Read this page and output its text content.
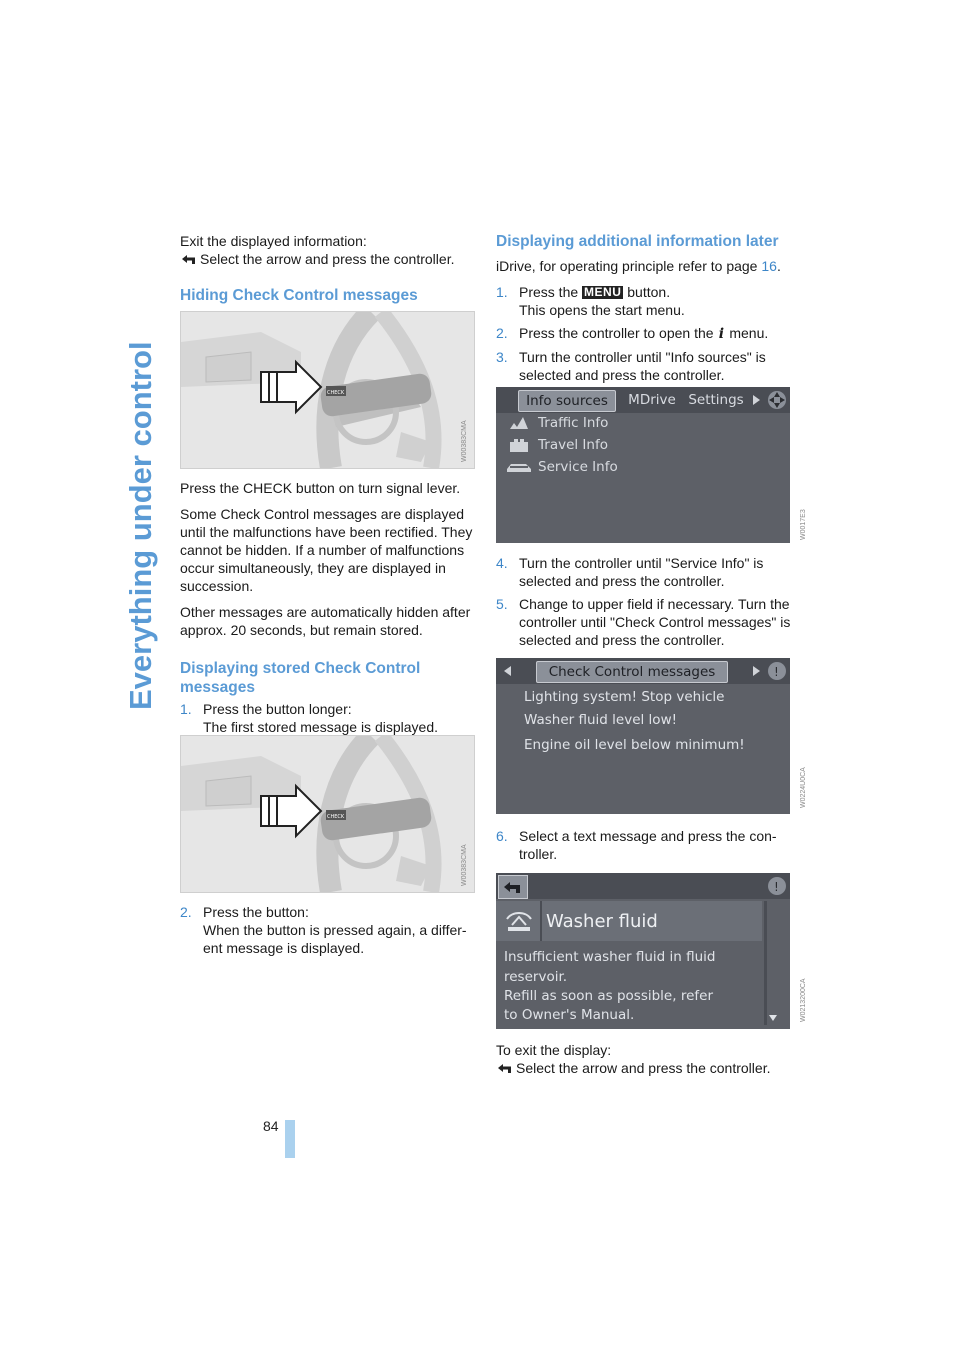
Everything under control

Exit the displayed information:

Select the arrow and press the controller.

Hiding Check Control messages
CHECK
W00383CMA

Press the CHECK button on turn signal lever.

Some Check Control messages are displayed until the malfunctions have been rectified. They cannot be hidden. If a number of malfunctions occur simultaneously, they are displayed in succession.

Other messages are automatically hidden after approx. 20 seconds, but remain stored.

Displaying stored Check Control messages
1. Press the button longer:
The first stored message is displayed.
CHECK
W00383CMA
2. Press the button:
When the button is pressed again, a differ- ent message is displayed.
Displaying additional information later

iDrive, for operating principle refer to page 16.

1. Press the MENU button.
This opens the start menu.
2. Press the controller to open the i menu.
3. Turn the controller until "Info sources" is selected and press the controller.
Info sources	MDrive Settings
Traffic Info
Travel Info
Service Info
W0017E3
4. Turn the controller until "Service Info" is selected and press the controller.
5. Change to upper field if necessary. Turn the controller until "Check Control messages" is selected and press the controller.
Check Control messages	!
Lighting system! Stop vehicle
Washer fluid level low!
Engine oil level below minimum!
W0224U0CA
6. Select a text message and press the con- troller.
!
Washer fluid
Insufficient washer fluid in fluid
reservoir.
Refill as soon as possible, refer
to Owner's Manual.	W0213200CA

To exit the display:

Select the arrow and press the controller.

84
